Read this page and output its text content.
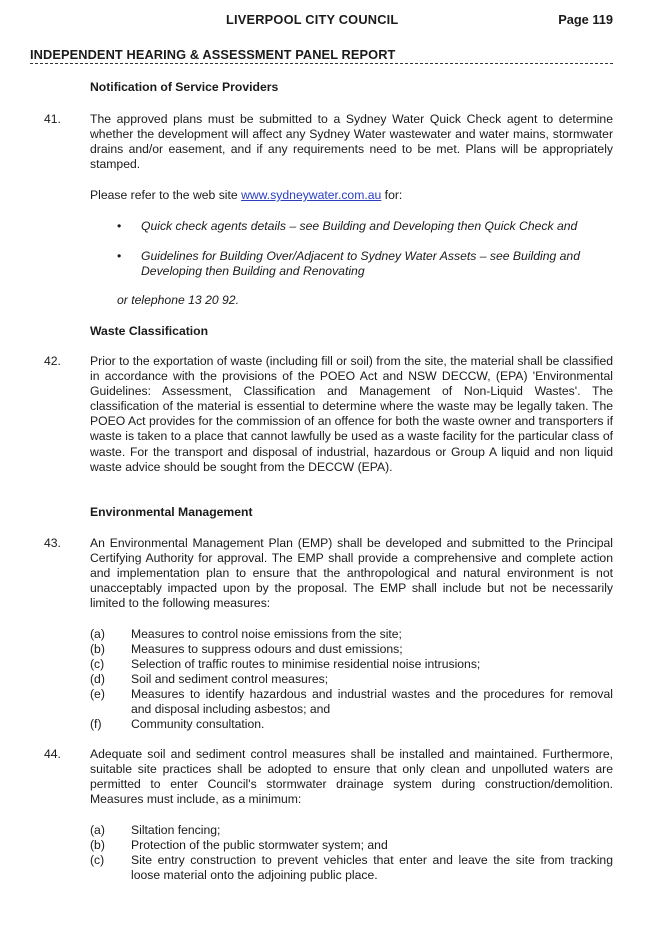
LIVERPOOL CITY COUNCIL	Page 119
INDEPENDENT HEARING & ASSESSMENT PANEL REPORT
Notification of Service Providers
41. The approved plans must be submitted to a Sydney Water Quick Check agent to determine whether the development will affect any Sydney Water wastewater and water mains, stormwater drains and/or easement, and if any requirements need to be met. Plans will be appropriately stamped.
Please refer to the web site www.sydneywater.com.au for:
• Quick check agents details – see Building and Developing then Quick Check and
• Guidelines for Building Over/Adjacent to Sydney Water Assets – see Building and Developing then Building and Renovating
or telephone 13 20 92.
Waste Classification
42. Prior to the exportation of waste (including fill or soil) from the site, the material shall be classified in accordance with the provisions of the POEO Act and NSW DECCW, (EPA) 'Environmental Guidelines: Assessment, Classification and Management of Non-Liquid Wastes'. The classification of the material is essential to determine where the waste may be legally taken. The POEO Act provides for the commission of an offence for both the waste owner and transporters if waste is taken to a place that cannot lawfully be used as a waste facility for the particular class of waste. For the transport and disposal of industrial, hazardous or Group A liquid and non liquid waste advice should be sought from the DECCW (EPA).
Environmental Management
43. An Environmental Management Plan (EMP) shall be developed and submitted to the Principal Certifying Authority for approval. The EMP shall provide a comprehensive and complete action and implementation plan to ensure that the anthropological and natural environment is not unacceptably impacted upon by the proposal. The EMP shall include but not be necessarily limited to the following measures:
(a) Measures to control noise emissions from the site;
(b) Measures to suppress odours and dust emissions;
(c) Selection of traffic routes to minimise residential noise intrusions;
(d) Soil and sediment control measures;
(e) Measures to identify hazardous and industrial wastes and the procedures for removal and disposal including asbestos; and
(f) Community consultation.
44. Adequate soil and sediment control measures shall be installed and maintained. Furthermore, suitable site practices shall be adopted to ensure that only clean and unpolluted waters are permitted to enter Council's stormwater drainage system during construction/demolition. Measures must include, as a minimum:
(a) Siltation fencing;
(b) Protection of the public stormwater system; and
(c) Site entry construction to prevent vehicles that enter and leave the site from tracking loose material onto the adjoining public place.
